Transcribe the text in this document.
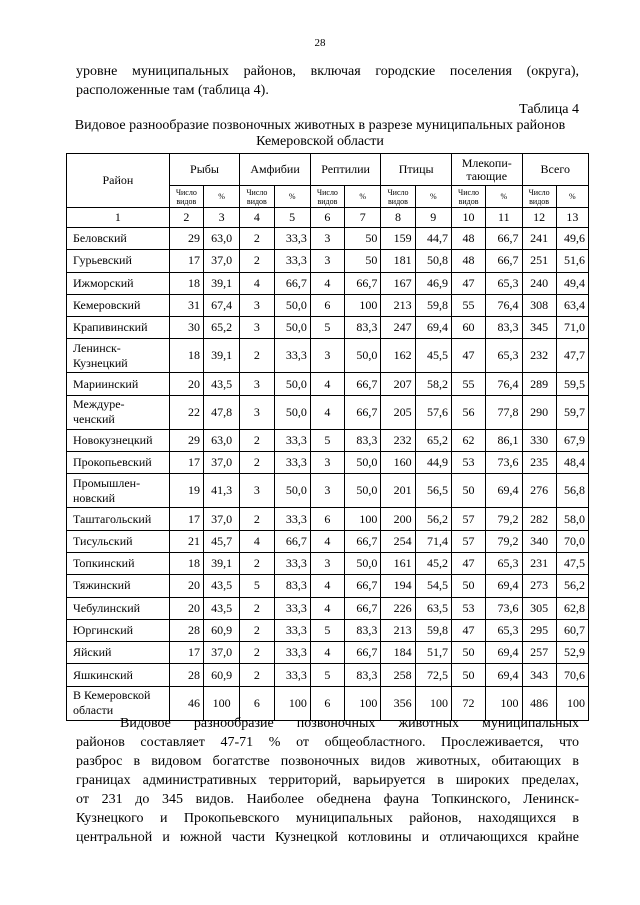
28
уровне муниципальных районов, включая городские поселения (округа),
расположенные там (таблица 4).
Таблица 4
Видовое разнообразие позвоночных животных в разрезе муниципальных районов
Кемеровской области
Район	Рыбы		Амфибии		Рептилии		Птицы		Млекопи-
тающие		Всего	
	Число
видов	%	Число
видов	%	Число
видов	%	Число
видов	%	Число
видов	%	Число
видов	%
1	2	3	4	5	6	7	8	9	10	11	12	13
Беловский	29	63,0	2	33,3	3	50	159	44,7	48	66,7	241	49,6
Гурьевский	17	37,0	2	33,3	3	50	181	50,8	48	66,7	251	51,6
Ижморский	18	39,1	4	66,7	4	66,7	167	46,9	47	65,3	240	49,4
Кемеровский	31	67,4	3	50,0	6	100	213	59,8	55	76,4	308	63,4
Крапивинский	30	65,2	3	50,0	5	83,3	247	69,4	60	83,3	345	71,0
Ленинск-
Кузнецкий	18	39,1	2	33,3	3	50,0	162	45,5	47	65,3	232	47,7
Мариинский	20	43,5	3	50,0	4	66,7	207	58,2	55	76,4	289	59,5
Междуре-
ченский	22	47,8	3	50,0	4	66,7	205	57,6	56	77,8	290	59,7
Новокузнецкий	29	63,0	2	33,3	5	83,3	232	65,2	62	86,1	330	67,9
Прокопьевский	17	37,0	2	33,3	3	50,0	160	44,9	53	73,6	235	48,4
Промышлен-
новский	19	41,3	3	50,0	3	50,0	201	56,5	50	69,4	276	56,8
Таштагольский	17	37,0	2	33,3	6	100	200	56,2	57	79,2	282	58,0
Тисульский	21	45,7	4	66,7	4	66,7	254	71,4	57	79,2	340	70,0
Топкинский	18	39,1	2	33,3	3	50,0	161	45,2	47	65,3	231	47,5
Тяжинский	20	43,5	5	83,3	4	66,7	194	54,5	50	69,4	273	56,2
Чебулинский	20	43,5	2	33,3	4	66,7	226	63,5	53	73,6	305	62,8
Юргинский	28	60,9	2	33,3	5	83,3	213	59,8	47	65,3	295	60,7
Яйский	17	37,0	2	33,3	4	66,7	184	51,7	50	69,4	257	52,9
Яшкинский	28	60,9	2	33,3	5	83,3	258	72,5	50	69,4	343	70,6
В Кемеровской
области	46	100	6	100	6	100	356	100	72	100	486	100
Видовое разнообразие позвоночных животных муниципальных
районов составляет 47-71 % от общеобластного. Прослеживается, что
разброс в видовом богатстве позвоночных видов животных, обитающих в
границах административных территорий, варьируется в широких пределах,
от 231 до 345 видов. Наиболее обеднена фауна Топкинского, Ленинск-
Кузнецкого и Прокопьевского муниципальных районов, находящихся в
центральной и южной части Кузнецкой котловины и отличающихся крайне
